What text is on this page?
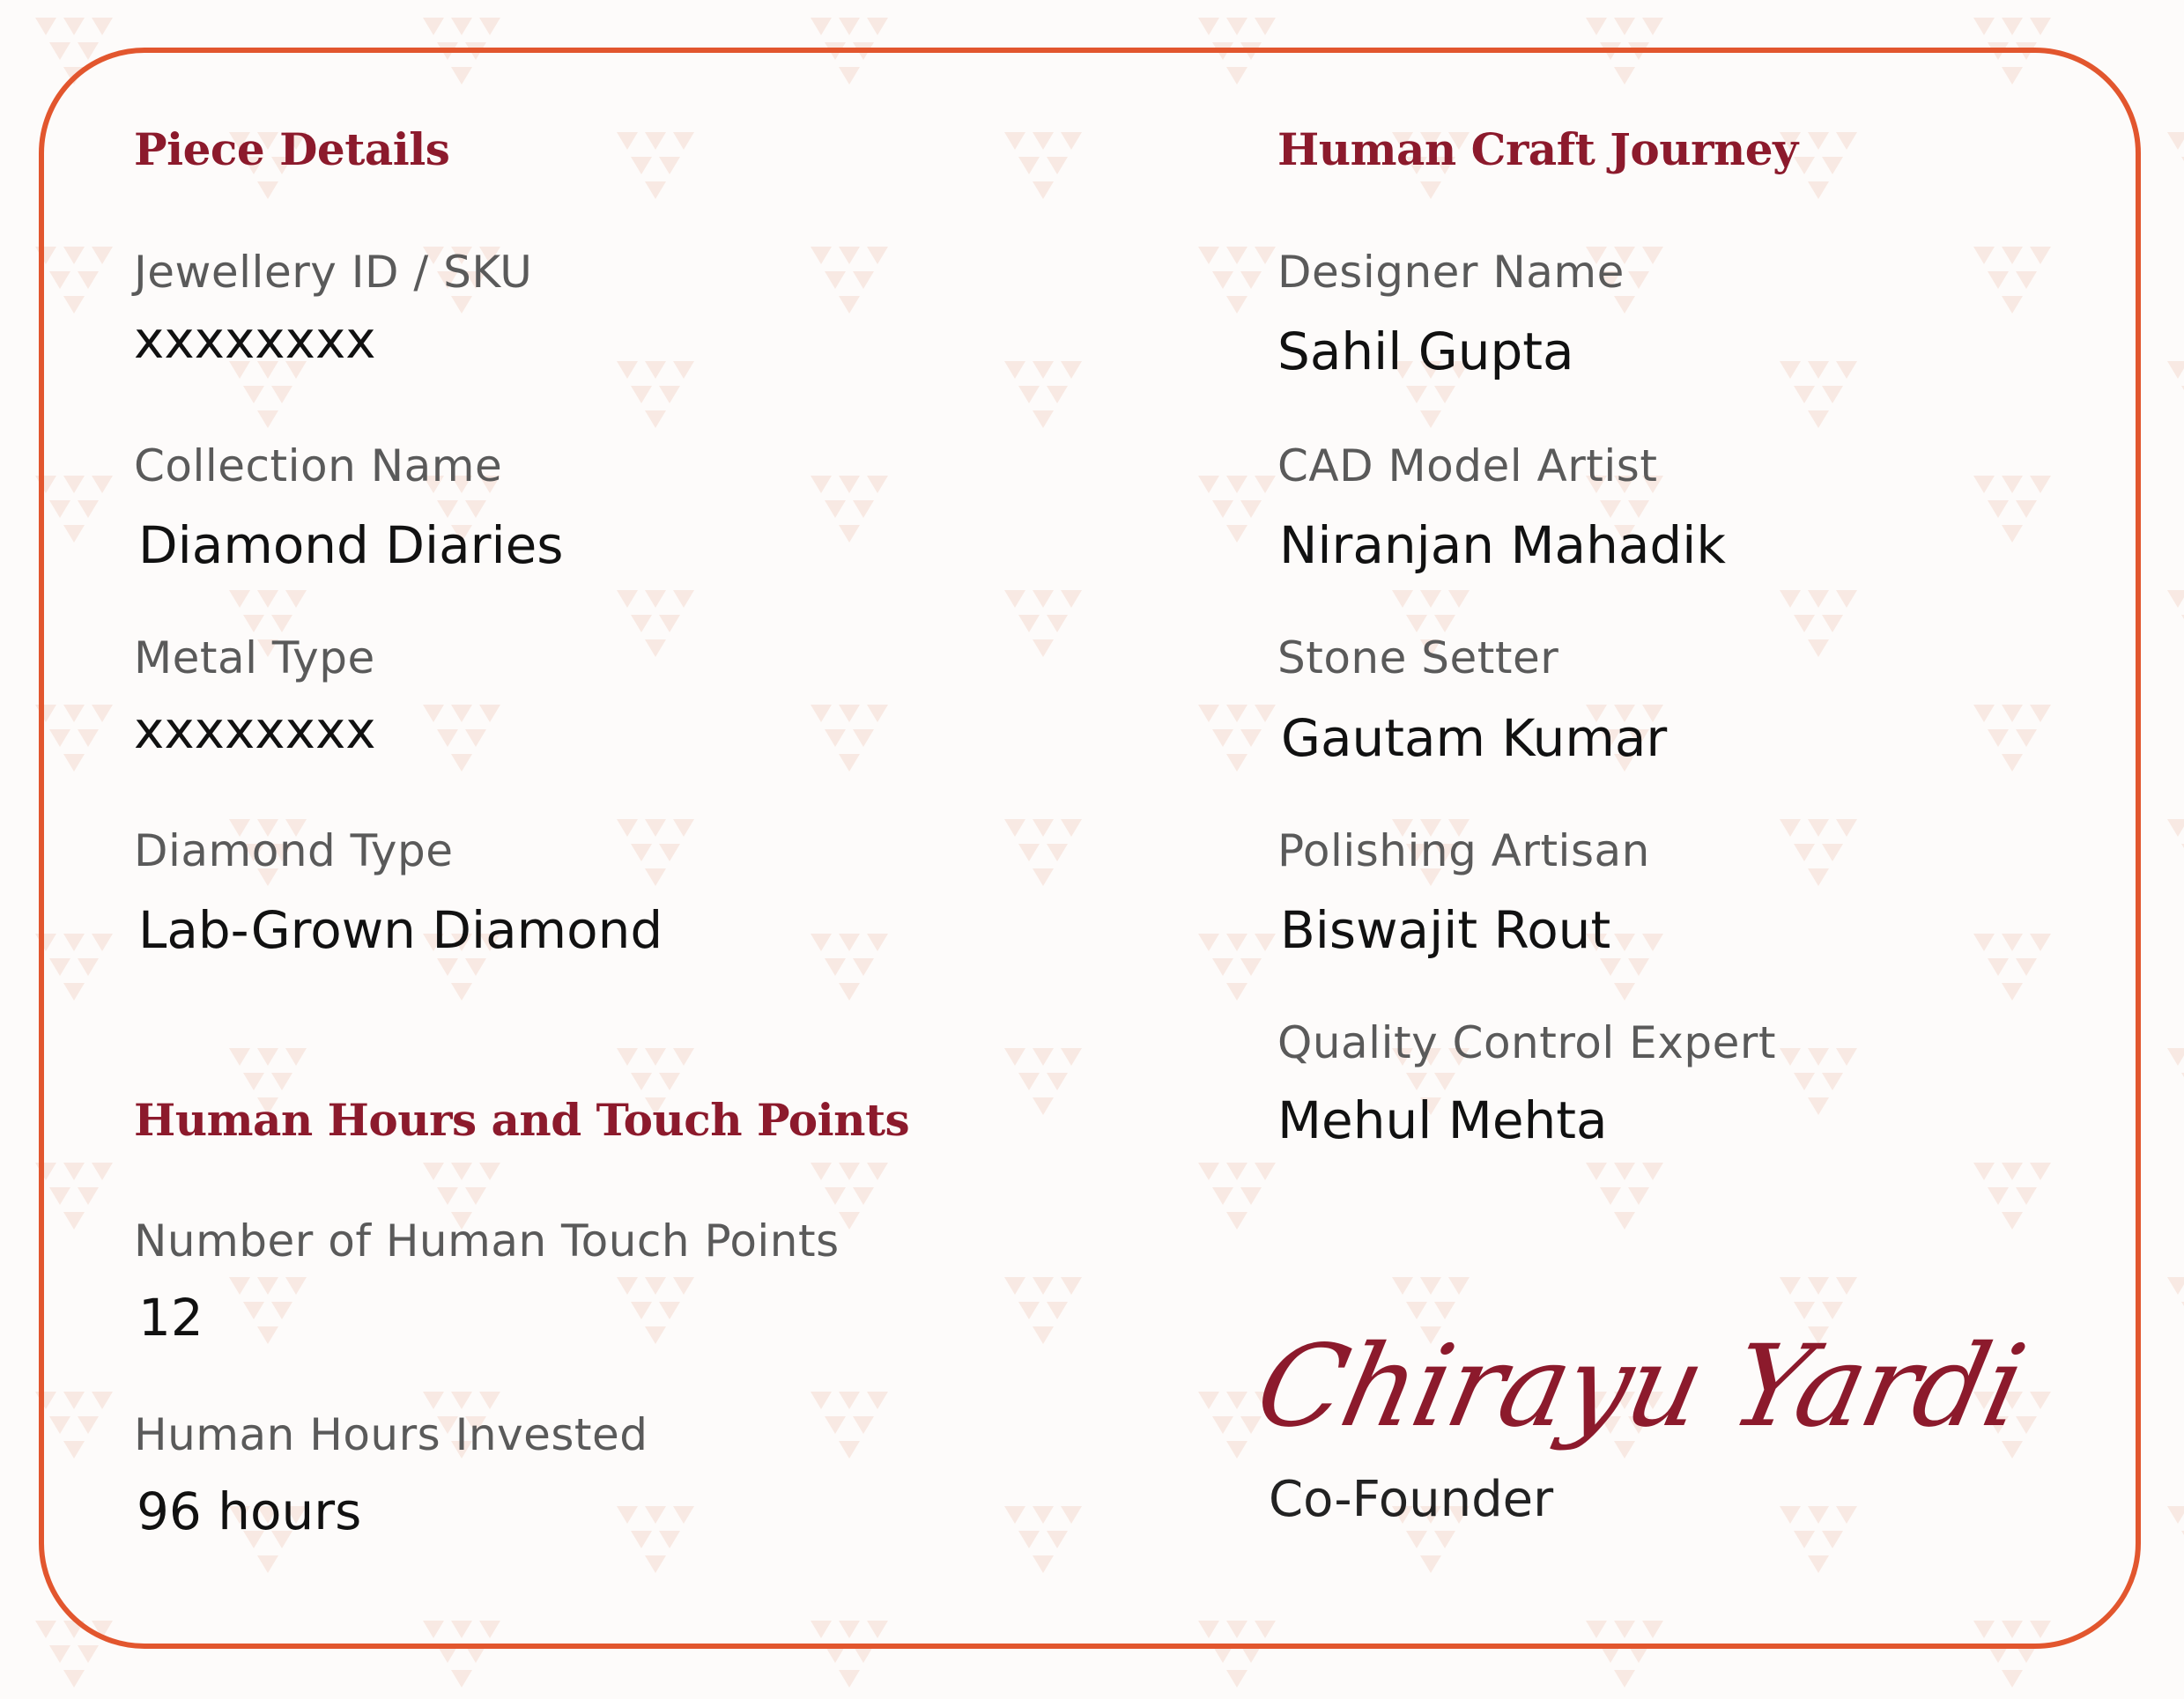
Piece Details
Jewellery ID / SKU
xxxxxxxx
Collection Name
Diamond Diaries
Metal Type
xxxxxxxx
Diamond Type
Lab-Grown Diamond
Human Hours and Touch Points
Number of Human Touch Points
12
Human Hours Invested
96 hours
Human Craft Journey
Designer Name
Sahil Gupta
CAD Model Artist
Niranjan Mahadik
Stone Setter
Gautam Kumar
Polishing Artisan
Biswajit Rout
Quality Control Expert
Mehul Mehta
Chirayu Yardi
Co-Founder
